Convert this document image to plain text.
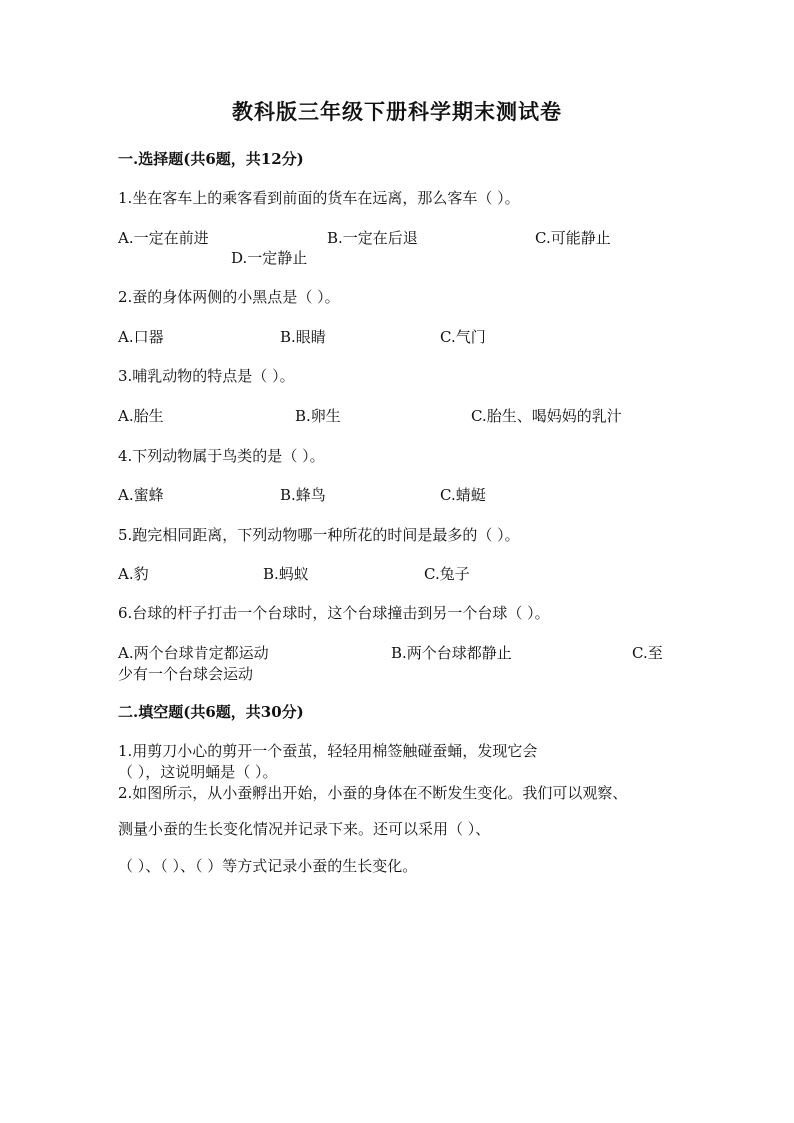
教科版三年级下册科学期末测试卷
一.选择题(共6题，共12分)
1.坐在客车上的乘客看到前面的货车在远离，那么客车（ ）。
A.一定在前进	B.一定在后退	C.可能静止
D.一定静止
2.蚕的身体两侧的小黑点是（ ）。
A.口器	B.眼睛	C.气门
3.哺乳动物的特点是（ ）。
A.胎生	B.卵生	C.胎生、喝妈妈的乳汁
4.下列动物属于鸟类的是（ ）。
A.蜜蜂	B.蜂鸟	C.蜻蜓
5.跑完相同距离，下列动物哪一种所花的时间是最多的（ ）。
A.豹	B.蚂蚁	C.兔子
6.台球的杆子打击一个台球时，这个台球撞击到另一个台球（ ）。
A.两个台球肯定都运动	B.两个台球都静止	C.至
少有一个台球会运动
二.填空题(共6题，共30分)
1.用剪刀小心的剪开一个蚕茧，轻轻用棉签触碰蚕蛹，发现它会
（ ），这说明蛹是（ ）。
2.如图所示，从小蚕孵出开始，小蚕的身体在不断发生变化。我们可以观察、
测量小蚕的生长变化情况并记录下来。还可以采用（ ）、
（ ）、（ ）、（ ）等方式记录小蚕的生长变化。
